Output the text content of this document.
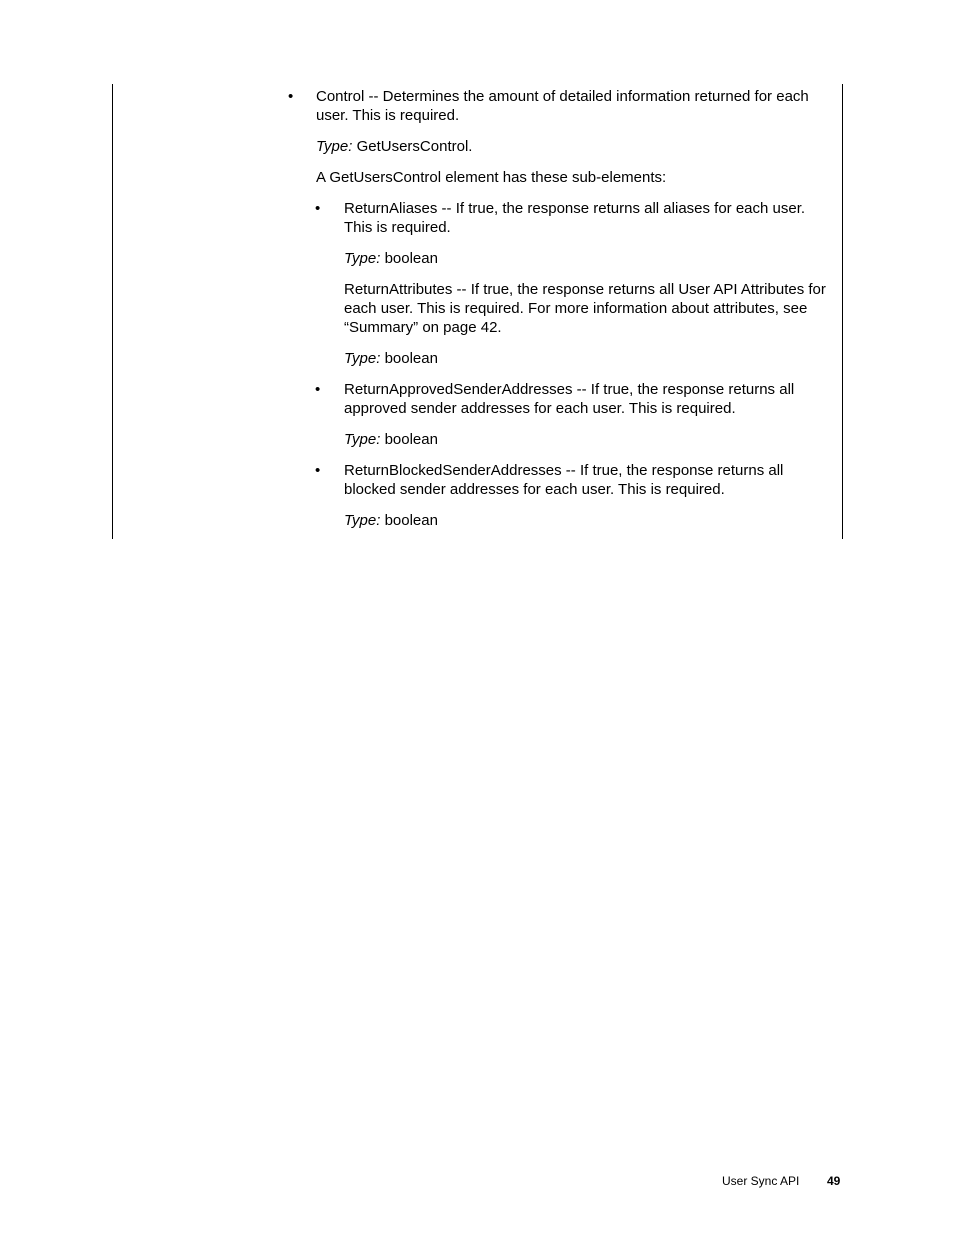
• Control -- Determines the amount of detailed information returned for each user. This is required.

Type: GetUsersControl.

A GetUsersControl element has these sub-elements:

• ReturnAliases -- If true, the response returns all aliases for each user. This is required.

Type: boolean

ReturnAttributes -- If true, the response returns all User API Attributes for each user. This is required. For more information about attributes, see “Summary” on page 42.

Type: boolean

• ReturnApprovedSenderAddresses -- If true, the response returns all approved sender addresses for each user. This is required.

Type: boolean

• ReturnBlockedSenderAddresses -- If true, the response returns all blocked sender addresses for each user. This is required.

Type: boolean

User Sync API 49
